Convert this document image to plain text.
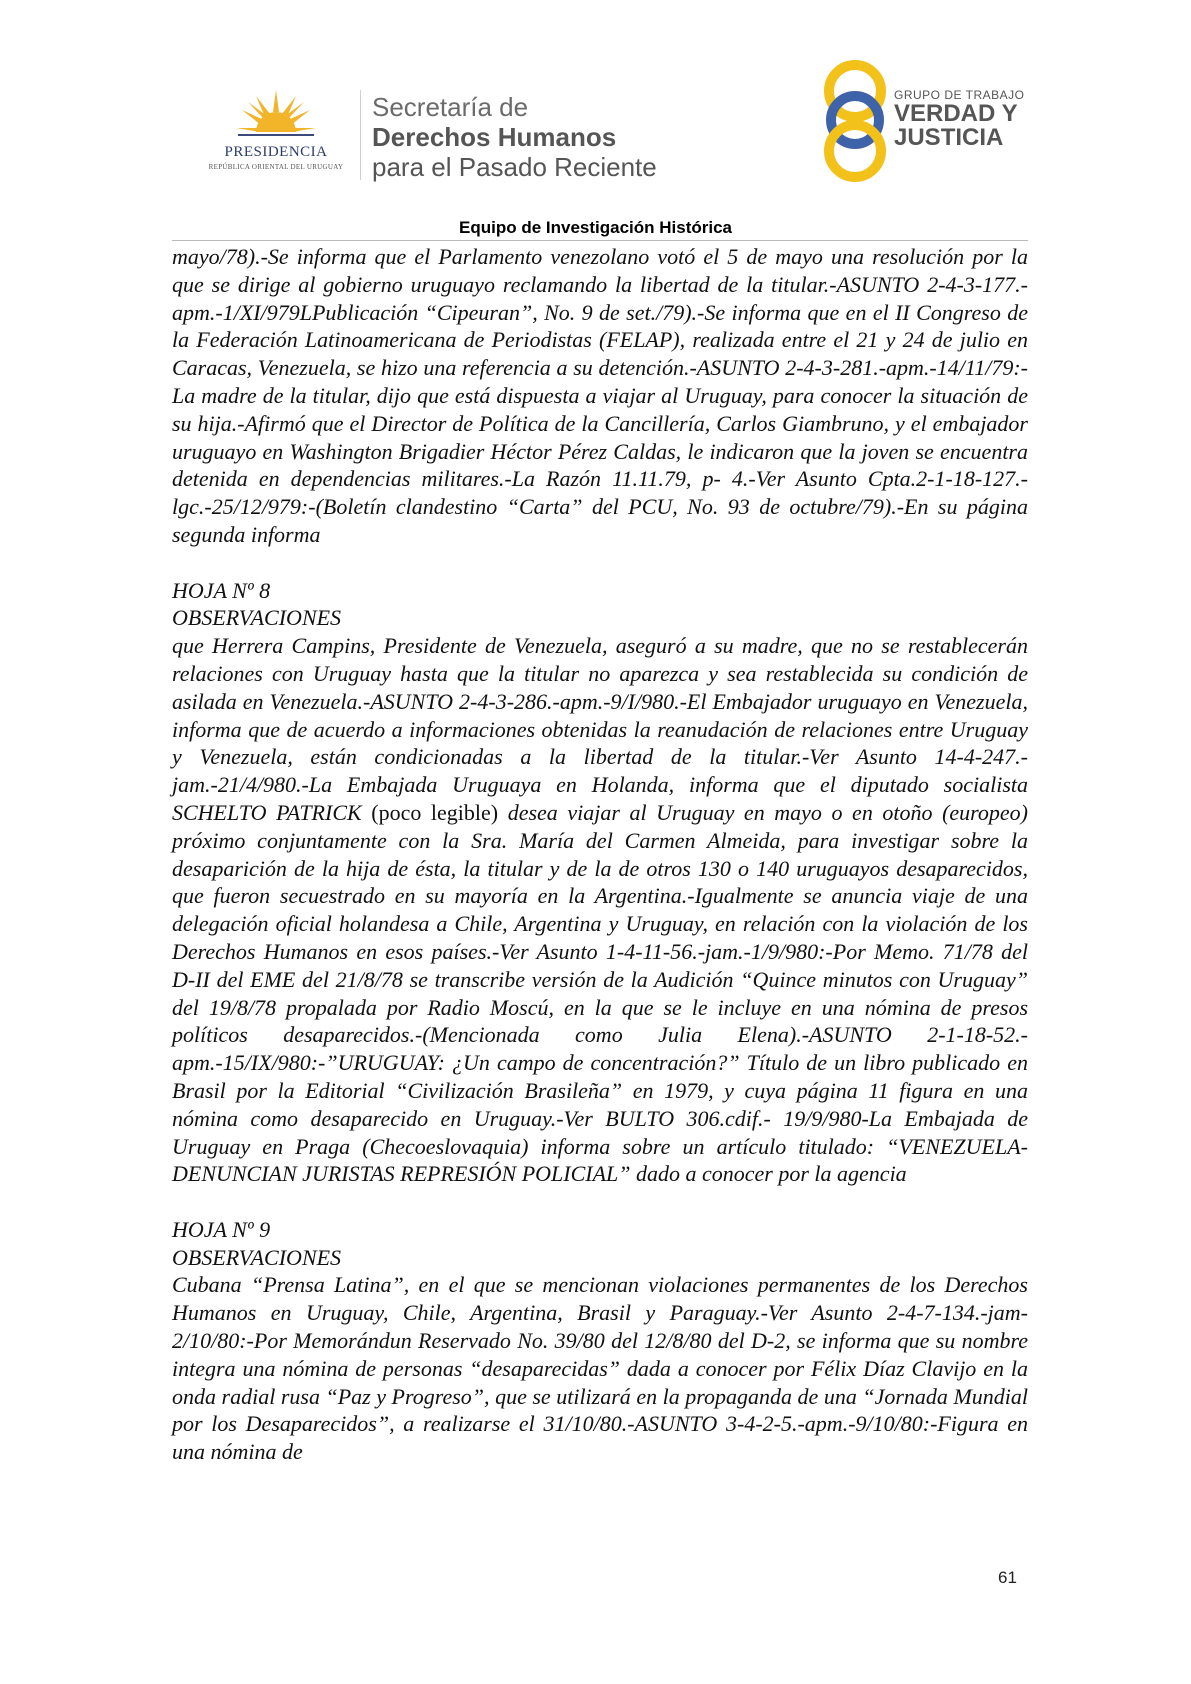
PRESIDENCIA
REPÚBLICA ORIENTAL DEL URUGUAY
Secretaría de
Derechos Humanos
para el Pasado Reciente
GRUPO DE TRABAJO
VERDAD Y
JUSTICIA
Equipo de Investigación Histórica

mayo/78).-Se informa que el Parlamento venezolano votó el 5 de mayo una resolución por la que se dirige al gobierno uruguayo reclamando la libertad de la titular.-ASUNTO 2-4-3-177.-apm.-1/XI/979LPublicación “Cipeuran”, No. 9 de set./79).-Se informa que en el II Congreso de la Federación Latinoamericana de Periodistas (FELAP), realizada entre el 21 y 24 de julio en Caracas, Venezuela, se hizo una referencia a su detención.-ASUNTO 2-4-3-281.-apm.-14/11/79:-La madre de la titular, dijo que está dispuesta a viajar al Uruguay, para conocer la situación de su hija.-Afirmó que el Director de Política de la Cancillería, Carlos Giambruno, y el embajador uruguayo en Washington Brigadier Héctor Pérez Caldas, le indicaron que la joven se encuentra detenida en dependencias militares.-La Razón 11.11.79, p- 4.-Ver Asunto Cpta.2-1-18-127.-lgc.-25/12/979:-(Boletín clandestino “Carta” del PCU, No. 93 de octubre/79).-En su página segunda informa

HOJA Nº 8

OBSERVACIONES

que Herrera Campins, Presidente de Venezuela, aseguró a su madre, que no se restablecerán relaciones con Uruguay hasta que la titular no aparezca y sea restablecida su condición de asilada en Venezuela.-ASUNTO 2-4-3-286.-apm.-9/I/980.-El Embajador uruguayo en Venezuela, informa que de acuerdo a informaciones obtenidas la reanudación de relaciones entre Uruguay y Venezuela, están condicionadas a la libertad de la titular.-Ver Asunto 14-4-247.-jam.-21/4/980.-La Embajada Uruguaya en Holanda, informa que el diputado socialista SCHELTO PATRICK (poco legible) desea viajar al Uruguay en mayo o en otoño (europeo) próximo conjuntamente con la Sra. María del Carmen Almeida, para investigar sobre la desaparición de la hija de ésta, la titular y de la de otros 130 o 140 uruguayos desaparecidos, que fueron secuestrado en su mayoría en la Argentina.-Igualmente se anuncia viaje de una delegación oficial holandesa a Chile, Argentina y Uruguay, en relación con la violación de los Derechos Humanos en esos países.-Ver Asunto 1-4-11-56.-jam.-1/9/980:-Por Memo. 71/78 del D-II del EME del 21/8/78 se transcribe versión de la Audición “Quince minutos con Uruguay” del 19/8/78 propalada por Radio Moscú, en la que se le incluye en una nómina de presos políticos desaparecidos.-(Mencionada como Julia Elena).-ASUNTO 2-1-18-52.-apm.-15/IX/980:-”URUGUAY: ¿Un campo de concentración?” Título de un libro publicado en Brasil por la Editorial “Civilización Brasileña” en 1979, y cuya página 11 figura en una nómina como desaparecido en Uruguay.-Ver BULTO 306.cdif.- 19/9/980-La Embajada de Uruguay en Praga (Checoeslovaquia) informa sobre un artículo titulado: “VENEZUELA-DENUNCIAN JURISTAS REPRESIÓN POLICIAL” dado a conocer por la agencia

HOJA Nº 9

OBSERVACIONES

Cubana “Prensa Latina”, en el que se mencionan violaciones permanentes de los Derechos Humanos en Uruguay, Chile, Argentina, Brasil y Paraguay.-Ver Asunto 2-4-7-134.-jam- 2/10/80:-Por Memorándun Reservado No. 39/80 del 12/8/80 del D-2, se informa que su nombre integra una nómina de personas “desaparecidas” dada a conocer por Félix Díaz Clavijo en la onda radial rusa “Paz y Progreso”, que se utilizará en la propaganda de una “Jornada Mundial por los Desaparecidos”, a realizarse el 31/10/80.-ASUNTO 3-4-2-5.-apm.-9/10/80:-Figura en una nómina de

61
